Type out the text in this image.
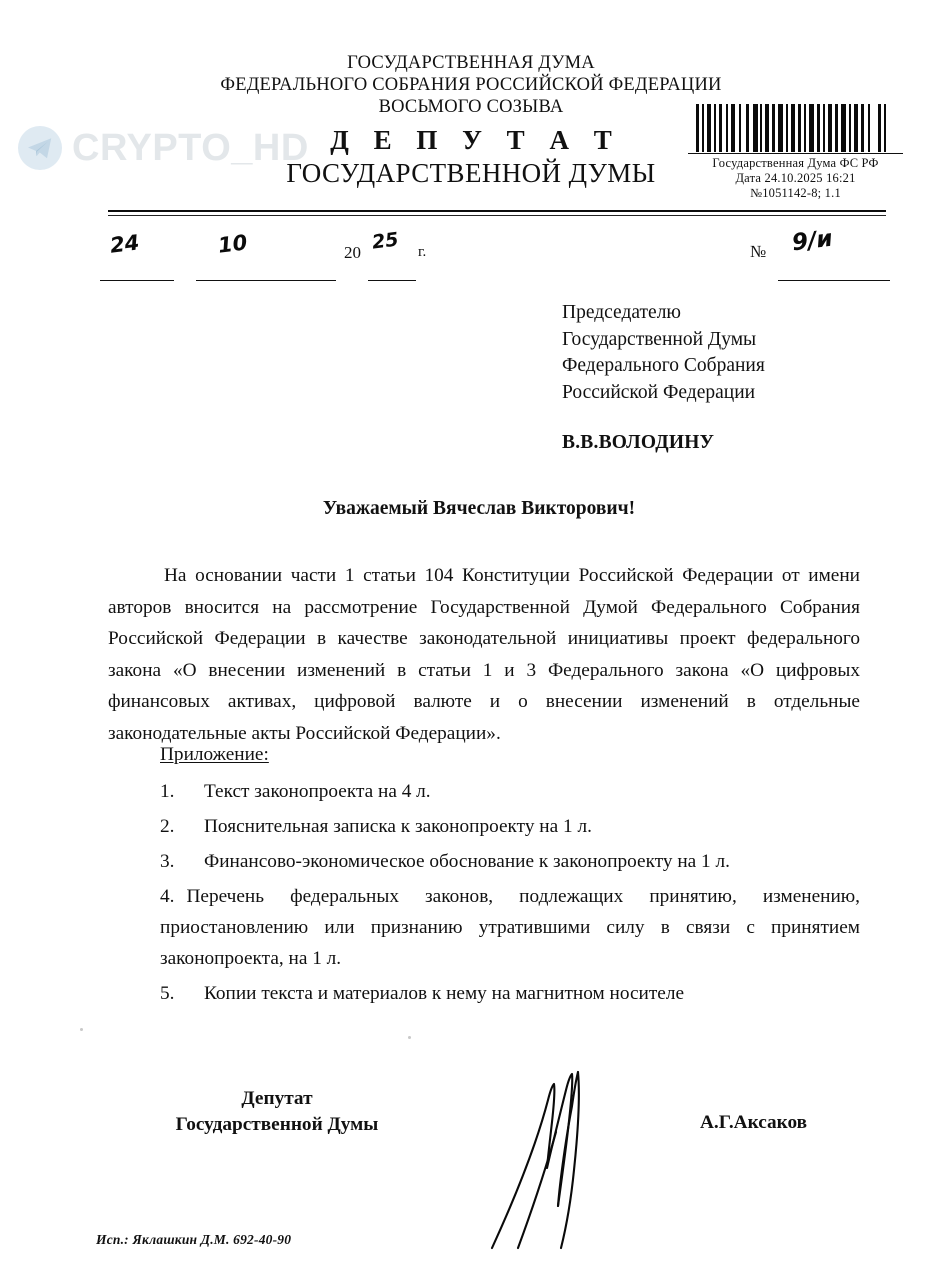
CRYPTO_HD
ГОСУДАРСТВЕННАЯ ДУМА
ФЕДЕРАЛЬНОГО СОБРАНИЯ РОССИЙСКОЙ ФЕДЕРАЦИИ
ВОСЬМОГО СОЗЫВА
Д Е П У Т А Т
ГОСУДАРСТВЕННОЙ ДУМЫ	Государственная Дума ФС РФ
Дата 24.10.2025 16:21
№1051142-8; 1.1
24	10	20 25 г.	№ 9/и
Председателю
Государственной Думы
Федерального Собрания
Российской Федерации
В.В.ВОЛОДИНУ
Уважаемый Вячеслав Викторович!
На основании части 1 статьи 104 Конституции Российской Федерации от имени авторов вносится на рассмотрение Государственной Думой Федерального Собрания Российской Федерации в качестве законодательной инициативы проект федерального закона «О внесении изменений в статьи 1 и 3 Федерального закона «О цифровых финансовых активах, цифровой валюте и о внесении изменений в отдельные законодательные акты Российской Федерации».
Приложение:
1. Текст законопроекта на 4 л.
2. Пояснительная записка к законопроекту на 1 л.
3. Финансово-экономическое обоснование к законопроекту на 1 л.
4. Перечень федеральных законов, подлежащих принятию, изменению, приостановлению или признанию утратившими силу в связи с принятием законопроекта, на 1 л.
5. Копии текста и материалов к нему на магнитном носителе
Депутат
Государственной Думы	А.Г.Аксаков
Исп.: Яклашкин Д.М. 692-40-90
